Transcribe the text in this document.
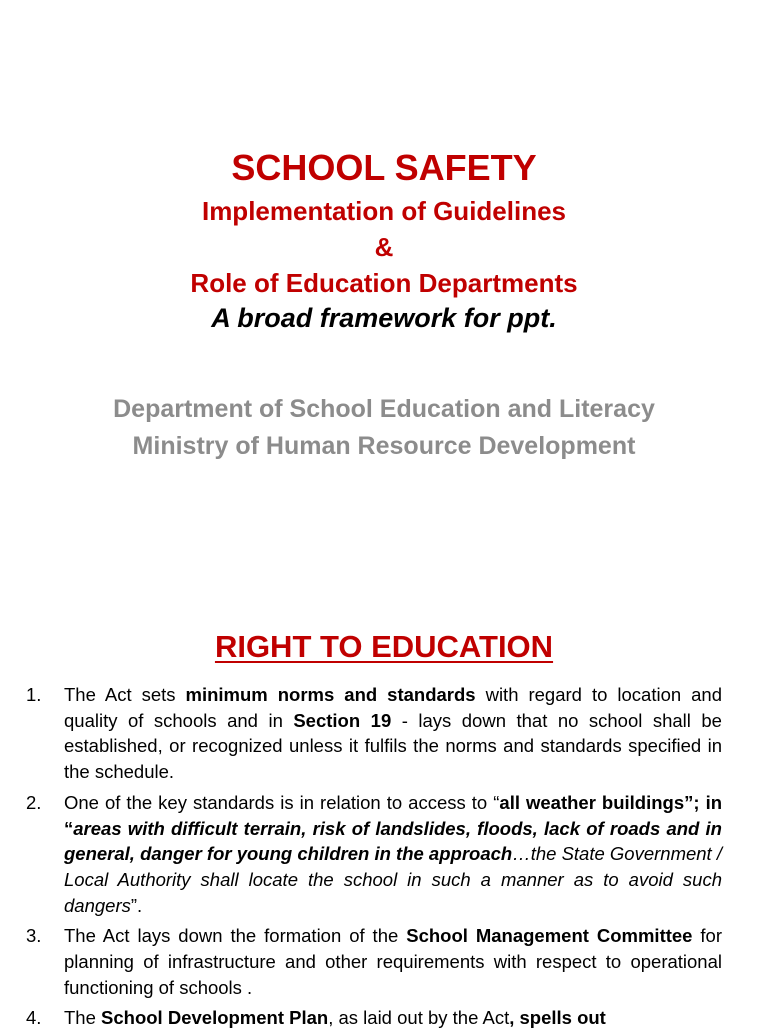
SCHOOL SAFETY

Implementation of Guidelines

&

Role of Education Departments

A broad framework for ppt.

Department of School Education and Literacy

Ministry of Human Resource Development

RIGHT TO EDUCATION
1. The Act sets minimum norms and standards with regard to location and quality of schools and in Section 19 - lays down that no school shall be established, or recognized unless it fulfils the norms and standards specified in the schedule.
2. One of the key standards is in relation to access to “all weather buildings”; in “areas with difficult terrain, risk of landslides, floods, lack of roads and in general, danger for young children in the approach…the State Government / Local Authority shall locate the school in such a manner as to avoid such dangers”.
3. The Act lays down the formation of the School Management Committee for planning of infrastructure and other requirements with respect to operational functioning of schools .
4. The School Development Plan, as laid out by the Act, spells out
